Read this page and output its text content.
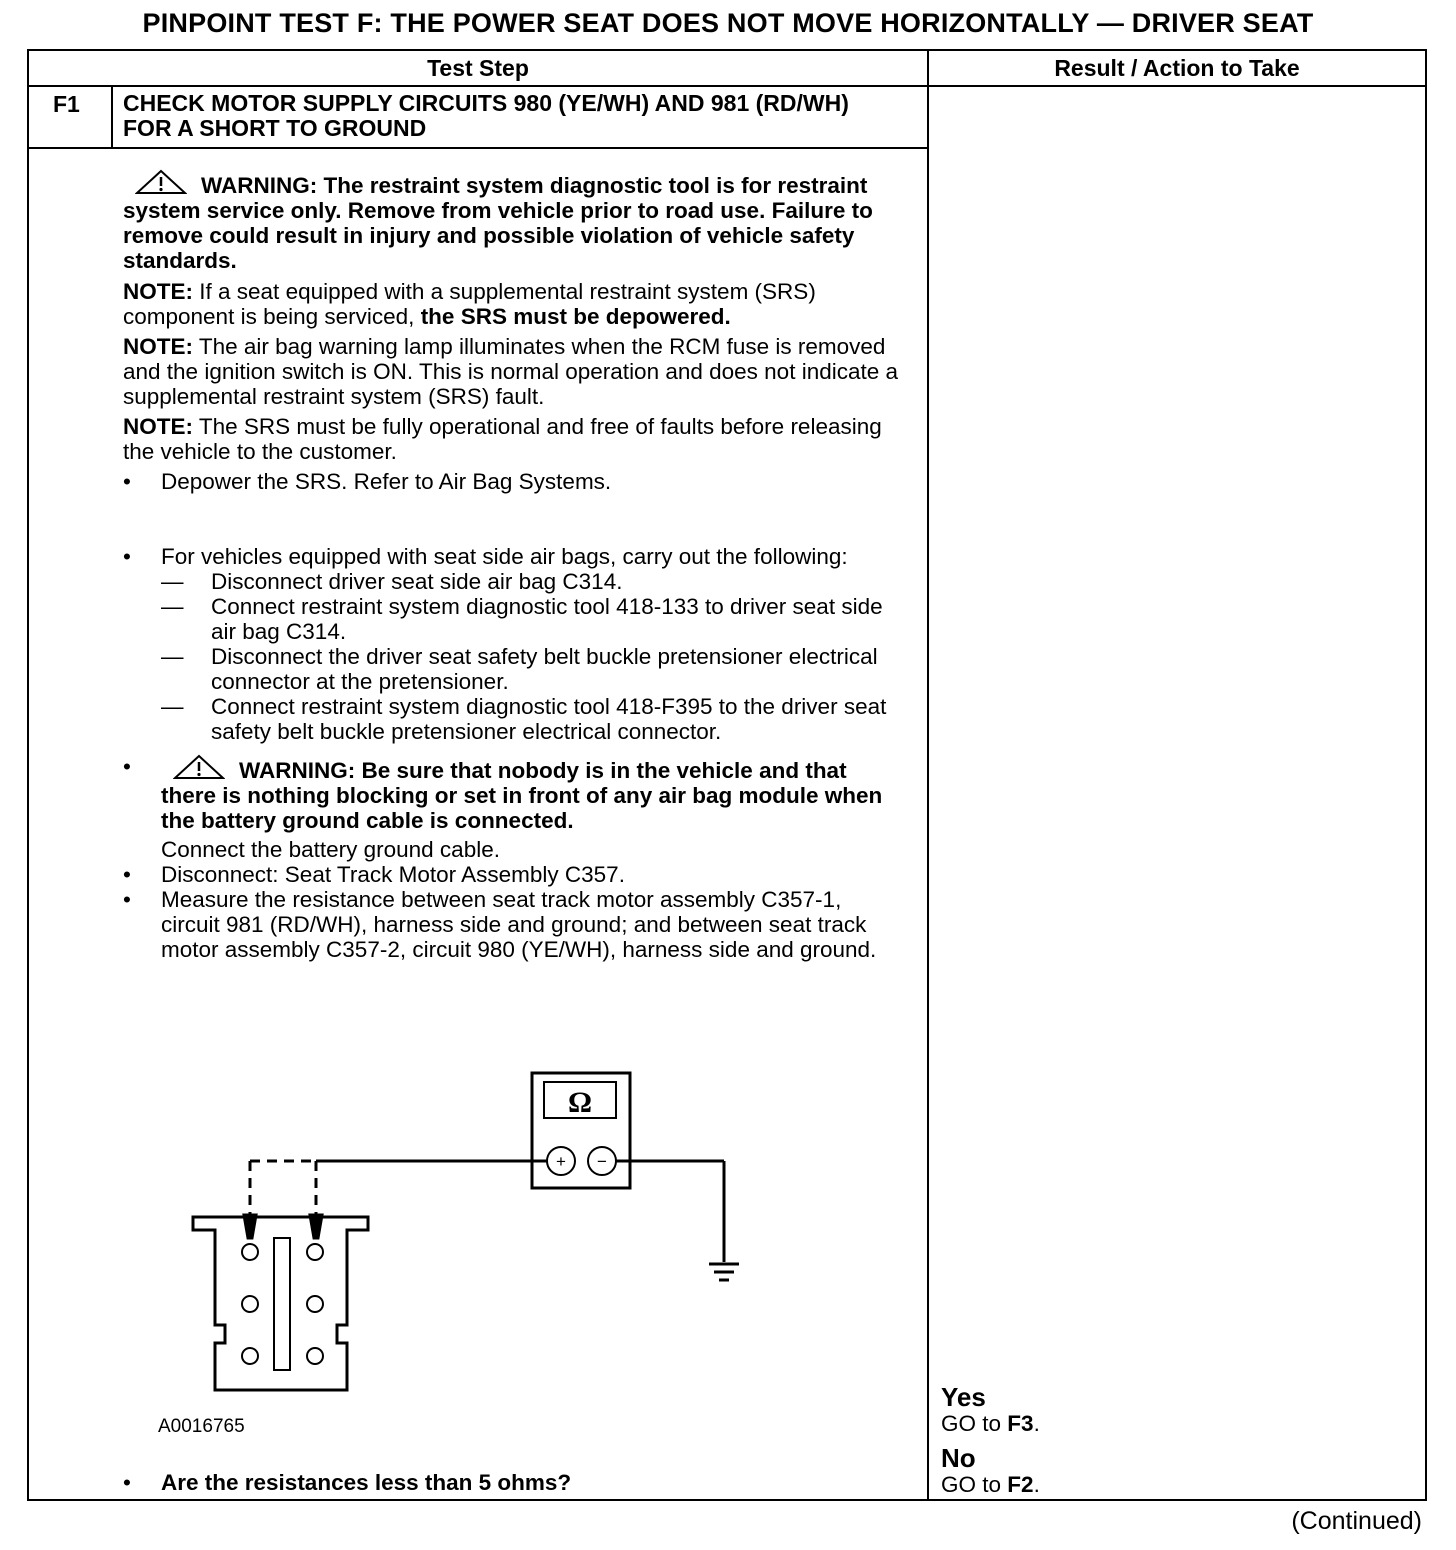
PINPOINT TEST F: THE POWER SEAT DOES NOT MOVE HORIZONTALLY — DRIVER SEAT
Test Step	Result / Action to Take
F1 CHECK MOTOR SUPPLY CIRCUITS 980 (YE/WH) AND 981 (RD/WH) FOR A SHORT TO GROUND

WARNING: The restraint system diagnostic tool is for restraint system service only. Remove from vehicle prior to road use. Failure to remove could result in injury and possible violation of vehicle safety standards.

NOTE: If a seat equipped with a supplemental restraint system (SRS) component is being serviced, the SRS must be depowered.

NOTE: The air bag warning lamp illuminates when the RCM fuse is removed and the ignition switch is ON. This is normal operation and does not indicate a supplemental restraint system (SRS) fault.

NOTE: The SRS must be fully operational and free of faults before releasing the vehicle to the customer.

• Depower the SRS. Refer to Air Bag Systems.
• For vehicles equipped with seat side air bags, carry out the following:
— Disconnect driver seat side air bag C314.
— Connect restraint system diagnostic tool 418-133 to driver seat side air bag C314.
— Disconnect the driver seat safety belt buckle pretensioner electrical connector at the pretensioner.
— Connect restraint system diagnostic tool 418-F395 to the driver seat safety belt buckle pretensioner electrical connector.
•	WARNING: Be sure that nobody is in the vehicle and that there is nothing blocking or set in front of any air bag module when the battery ground cable is connected.
Connect the battery ground cable.
• Disconnect: Seat Track Motor Assembly C357.
• Measure the resistance between seat track motor assembly C357-1, circuit 981 (RD/WH), harness side and ground; and between seat track motor assembly C357-2, circuit 980 (YE/WH), harness side and ground.
• Are the resistances less than 5 ohms?
Yes
GO to F3.
No
GO to F2.
Ω
+ −
A0016765
(Continued)
